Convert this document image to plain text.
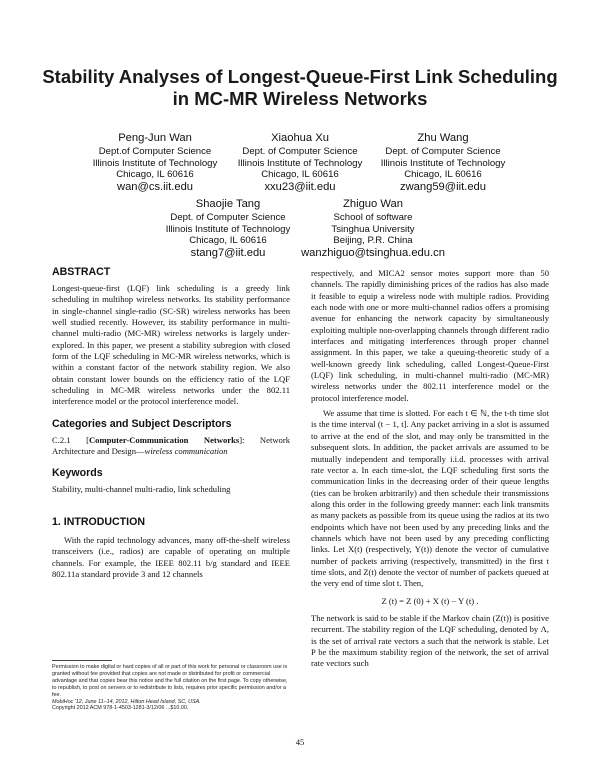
Stability Analyses of Longest-Queue-First Link Scheduling in MC-MR Wireless Networks
Peng-Jun Wan
Dept.of Computer Science
Illinois Institute of Technology
Chicago, IL 60616
wan@cs.iit.edu
Xiaohua Xu
Dept. of Computer Science
Illinois Institute of Technology
Chicago, IL 60616
xxu23@iit.edu
Zhu Wang
Dept. of Computer Science
Illinois Institute of Technology
Chicago, IL 60616
zwang59@iit.edu
Shaojie Tang
Dept. of Computer Science
Illinois Institute of Technology
Chicago, IL 60616
stang7@iit.edu
Zhiguo Wan
School of software
Tsinghua University
Beijing, P.R. China
wanzhiguo@tsinghua.edu.cn

ABSTRACT

Longest-queue-first (LQF) link scheduling is a greedy link scheduling in multihop wireless networks. Its stability performance in single-channel single-radio (SC-SR) wireless networks has been well studied recently. However, its stability performance in multi-channel multi-radio (MC-MR) wireless networks is largely under-explored. In this paper, we present a stability subregion with closed form of the LQF scheduling in MC-MR wireless networks, which is within a constant factor of the network stability region. We also obtain constant lower bounds on the efficiency ratio of the LQF scheduling in MC-MR wireless networks under the 802.11 interference model or the protocol interference model.

Categories and Subject Descriptors

C.2.1 [Computer-Communication Networks]: Network Architecture and Design—wireless communication

Keywords

Stability, multi-channel multi-radio, link scheduling

1. INTRODUCTION

With the rapid technology advances, many off-the-shelf wireless transceivers (i.e., radios) are capable of operating on multiple channels. For example, the IEEE 802.11 b/g standard and IEEE 802.11a standard provide 3 and 12 channels

Permission to make digital or hard copies of all or part of this work for personal or classroom use is granted without fee provided that copies are not made or distributed for profit or commercial advantage and that copies bear this notice and the full citation on the first page. To copy otherwise, to republish, to post on servers or to redistribute to lists, requires prior specific permission and/or a fee.
MobiHoc '12, June 11–14, 2012, Hilton Head Island, SC, USA.
Copyright 2012 ACM 978-1-4503-1281-3/12/06 ...$10.00.

respectively, and MICA2 sensor motes support more than 50 channels. The rapidly diminishing prices of the radios has also made it feasible to equip a wireless node with multiple radios. Providing each node with one or more multi-channel radios offers a promising avenue for enhancing the network capacity by simultaneously exploiting multiple non-overlapping channels through different radio interfaces and mitigating interferences through proper channel assignment. In this paper, we take a queuing-theoretic study of a well-known greedy link scheduling, called Longest-Queue-First (LQF) link scheduling, in multi-channel multi-radio (MC-MR) wireless networks under the 802.11 interference model or the protocol interference model.

We assume that time is slotted. For each t ∈ ℕ, the t-th time slot is the time interval (t − 1, t]. Any packet arriving in a slot is assumed to arrive at the end of the slot, and may only be transmitted in the subsequent slots. In addition, the packet arrivals are assumed to be mutually independent and temporally i.i.d. processes with arrival rate vector a. In each time-slot, the LQF scheduling first sorts the communication links in the decreasing order of their queue lengths (ties can be broken arbitrarily) and then schedule their transmissions along this order in the following greedy manner: each link transmits as many packets as possible from its queue using the radios at its two endpoints which have not been used by any preceding links and the channels which have not been used by any preceding conflicting links. Let X(t) (respectively, Y(t)) denote the vector of cumulative number of packets arriving (respectively, transmitted) in the first t time slots, and Z(t) denote the vector of number of packets queued at the very end of time slot t. Then,

Z (t) = Z (0) + X (t) − Y (t) .

The network is said to be stable if the Markov chain (Z(t)) is positive recurrent. The stability region of the LQF scheduling, denoted by Λ, is the set of arrival rate vectors a such that the network is stable. Let P be the maximum stability region of the network, the set of arrival rate vectors such

45
